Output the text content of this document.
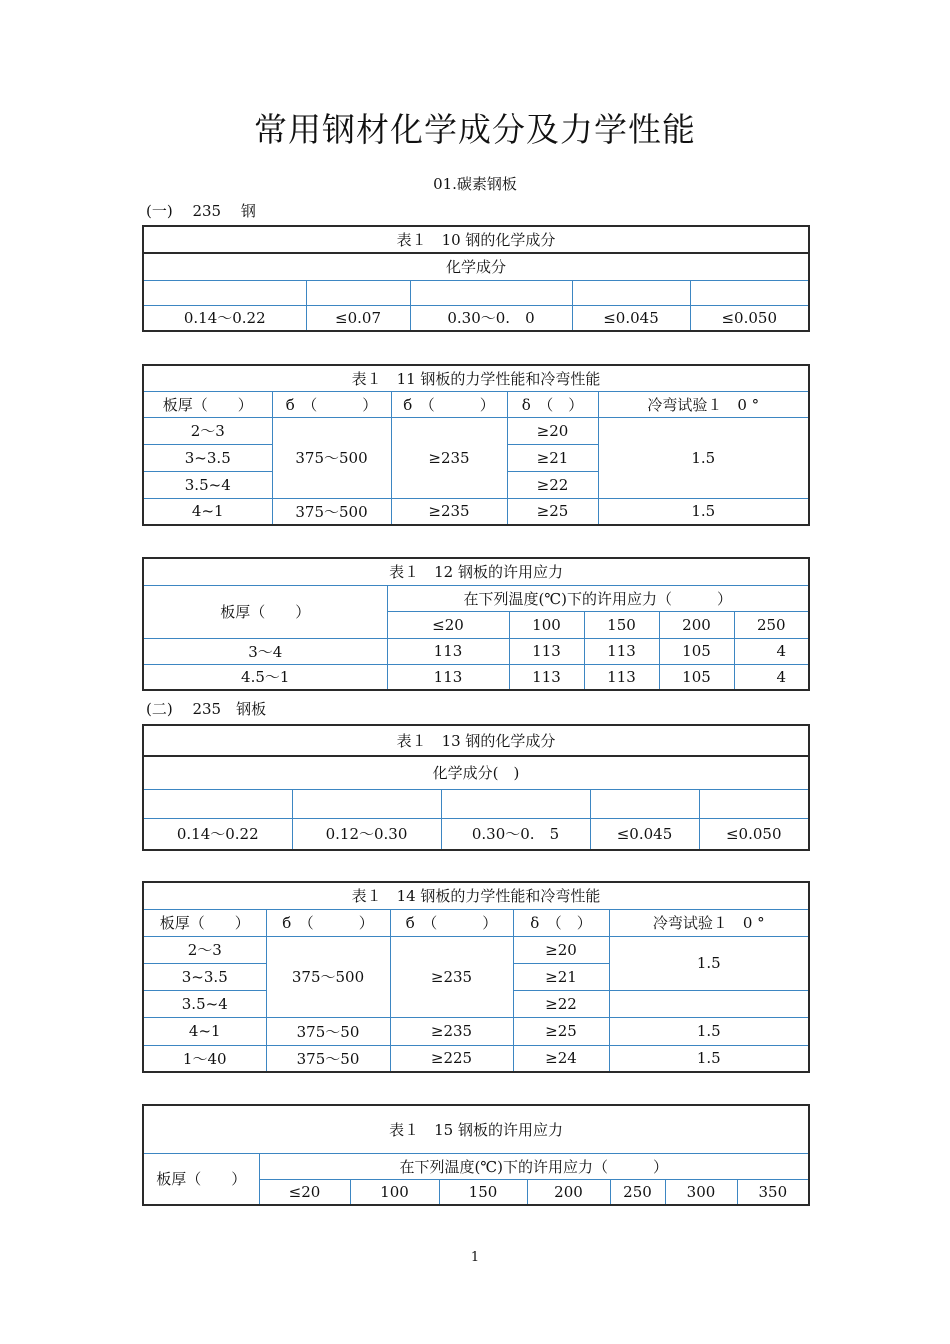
常用钢材化学成分及力学性能
01.碳素钢板
(一)　 235　 钢
表１　10 钢的化学成分				
化学成分				

0.14～0.22	≤0.07	0.30～0.　0	≤0.045	≤0.050
表１　11 钢板的力学性能和冷弯性能				
板厚（　　）	б　（　　　）	б　（　　　）	δ　（　）	冷弯试验１　0 °
2～3	375～500	≥235	≥20	1.5
3~3.5			≥21	
3.5~4			≥22	
4~1	375～500	≥235	≥25	1.5
表１　12 钢板的许用应力					
板厚（　　）	在下列温度(℃)下的许用应力（　　　）				
	≤20	100	150	200	250
3～4	113	113	113	105	4
4.5～1	113	113	113	105	4
(二)　 235　钢板
表１　13 钢的化学成分				
化学成分(　)				

0.14～0.22	0.12～0.30	0.30～0.　5	≤0.045	≤0.050
表１　14 钢板的力学性能和冷弯性能				
板厚（　　）	б　（　　　）	б　（　　　）	δ　（　）	冷弯试验１　0 °
2～3	375～500	≥235	≥20	1.5
3~3.5			≥21	
3.5~4			≥22	
4~1	375～50	≥235	≥25	1.5
1～40	375～50	≥225	≥24	1.5
表１　15 钢板的许用应力							
板厚（　　）	在下列温度(℃)下的许用应力（　　　）						
	≤20	100	150	200	250	300	350
1
